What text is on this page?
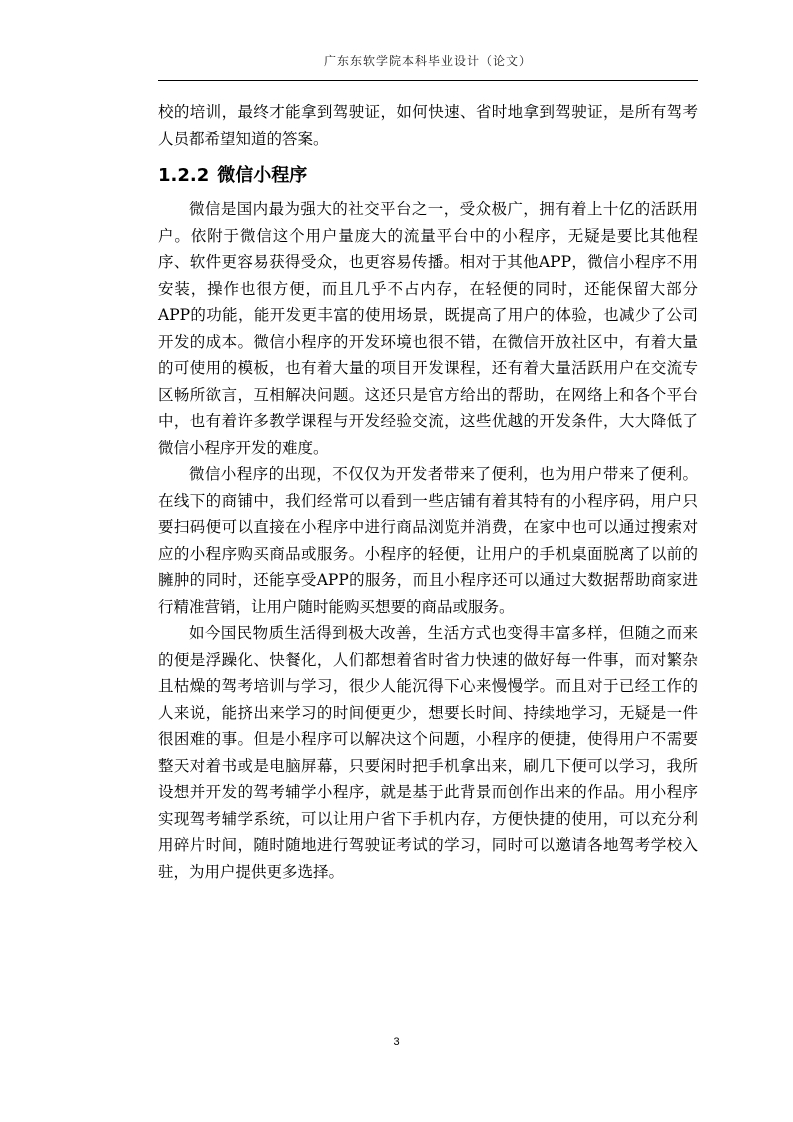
广东东软学院本科毕业设计（论文）

校的培训，最终才能拿到驾驶证，如何快速、省时地拿到驾驶证，是所有驾考人员都希望知道的答案。

1.2.2 微信小程序

微信是国内最为强大的社交平台之一，受众极广，拥有着上十亿的活跃用户。依附于微信这个用户量庞大的流量平台中的小程序，无疑是要比其他程序、软件更容易获得受众，也更容易传播。相对于其他APP，微信小程序不用安装，操作也很方便，而且几乎不占内存，在轻便的同时，还能保留大部分APP的功能，能开发更丰富的使用场景，既提高了用户的体验，也减少了公司开发的成本。微信小程序的开发环境也很不错，在微信开放社区中，有着大量的可使用的模板，也有着大量的项目开发课程，还有着大量活跃用户在交流专区畅所欲言，互相解决问题。这还只是官方给出的帮助，在网络上和各个平台中，也有着许多教学课程与开发经验交流，这些优越的开发条件，大大降低了微信小程序开发的难度。

微信小程序的出现，不仅仅为开发者带来了便利，也为用户带来了便利。在线下的商铺中，我们经常可以看到一些店铺有着其特有的小程序码，用户只要扫码便可以直接在小程序中进行商品浏览并消费，在家中也可以通过搜索对应的小程序购买商品或服务。小程序的轻便，让用户的手机桌面脱离了以前的臃肿的同时，还能享受APP的服务，而且小程序还可以通过大数据帮助商家进行精准营销，让用户随时能购买想要的商品或服务。

如今国民物质生活得到极大改善，生活方式也变得丰富多样，但随之而来的便是浮躁化、快餐化，人们都想着省时省力快速的做好每一件事，而对繁杂且枯燥的驾考培训与学习，很少人能沉得下心来慢慢学。而且对于已经工作的人来说，能挤出来学习的时间便更少，想要长时间、持续地学习，无疑是一件很困难的事。但是小程序可以解决这个问题，小程序的便捷，使得用户不需要整天对着书或是电脑屏幕，只要闲时把手机拿出来，刷几下便可以学习，我所设想并开发的驾考辅学小程序，就是基于此背景而创作出来的作品。用小程序实现驾考辅学系统，可以让用户省下手机内存，方便快捷的使用，可以充分利用碎片时间，随时随地进行驾驶证考试的学习，同时可以邀请各地驾考学校入驻，为用户提供更多选择。

3
